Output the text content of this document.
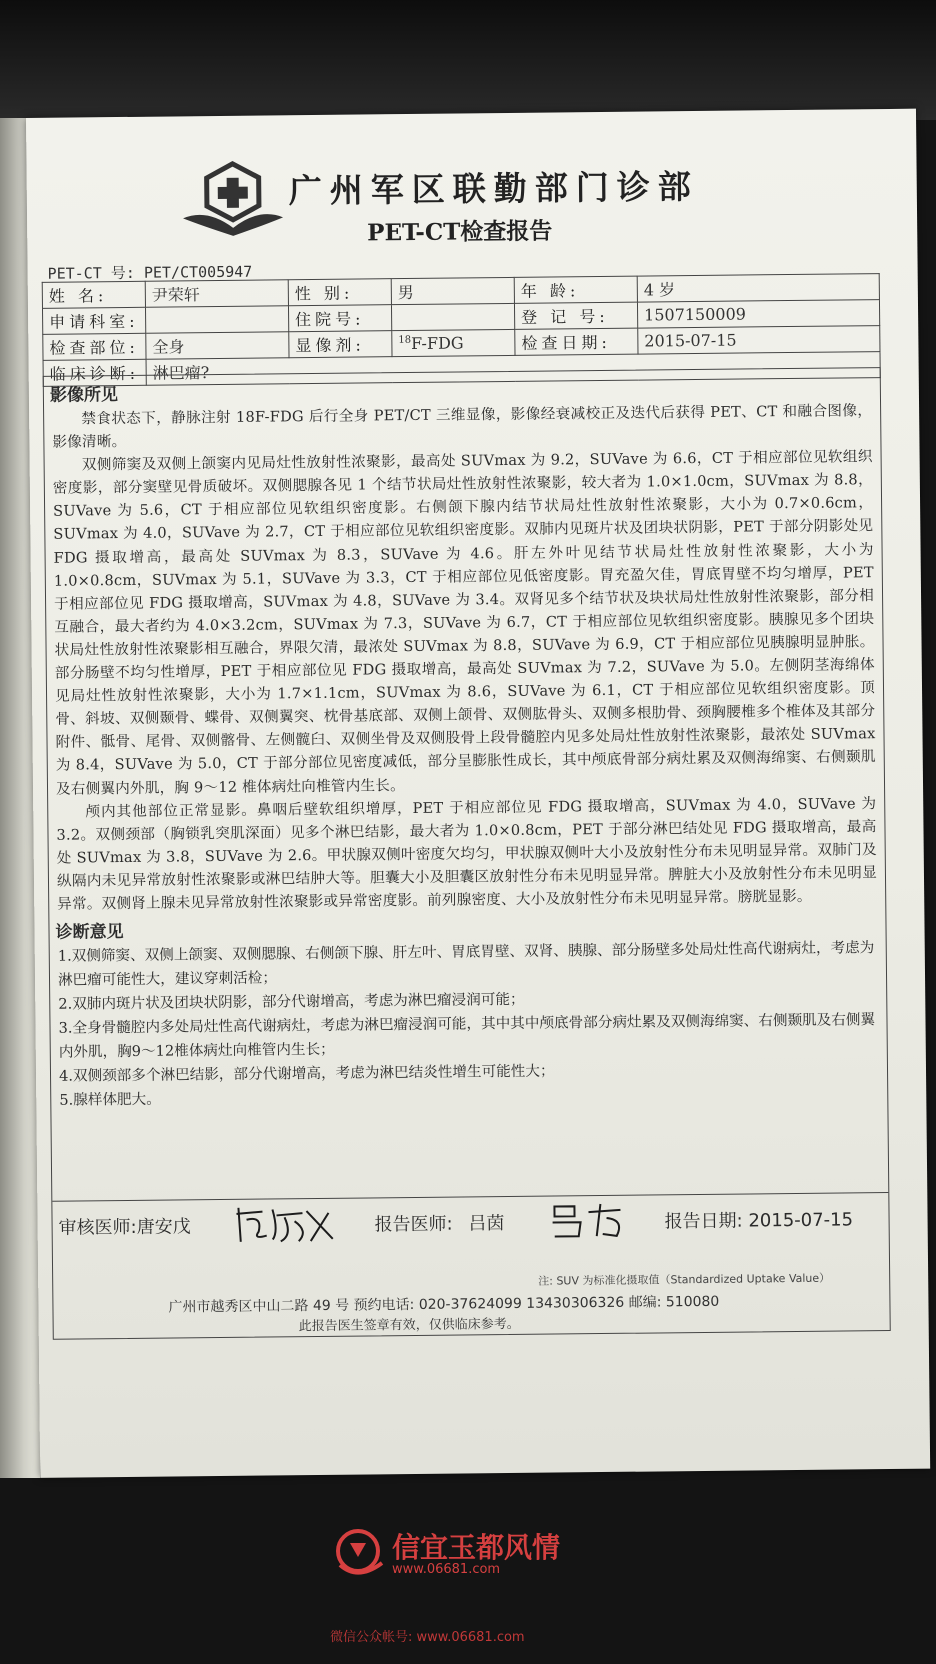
广州军区联勤部门诊部
PET-CT检查报告
PET-CT 号: PET/CT005947
姓 名:	尹荣轩	性 别:	男	年 龄:	4 岁
申请科室:		住院号:		登 记 号:	1507150009
检查部位:	全身	显像剂:	$^{18}$F-FDG	检查日期:	2015-07-15
临床诊断:	淋巴瘤?				
影像所见

禁食状态下，静脉注射 18F-FDG 后行全身 PET/CT 三维显像，影像经衰减校正及迭代后获得 PET、CT 和融合图像，影像清晰。

双侧筛窦及双侧上颌窦内见局灶性放射性浓聚影，最高处 SUVmax 为 9.2，SUVave 为 6.6，CT 于相应部位见软组织密度影，部分窦壁见骨质破坏。双侧腮腺各见 1 个结节状局灶性放射性浓聚影，较大者为 1.0×1.0cm，SUVmax 为 8.8，SUVave 为 5.6，CT 于相应部位见软组织密度影。右侧颌下腺内结节状局灶性放射性浓聚影，大小为 0.7×0.6cm，SUVmax 为 4.0，SUVave 为 2.7，CT 于相应部位见软组织密度影。双肺内见斑片状及团块状阴影，PET 于部分阴影处见 FDG 摄取增高，最高处 SUVmax 为 8.3，SUVave 为 4.6。肝左外叶见结节状局灶性放射性浓聚影，大小为 1.0×0.8cm，SUVmax 为 5.1，SUVave 为 3.3，CT 于相应部位见低密度影。胃充盈欠佳，胃底胃壁不均匀增厚，PET 于相应部位见 FDG 摄取增高，SUVmax 为 4.8，SUVave 为 3.4。双肾见多个结节状及块状局灶性放射性浓聚影，部分相互融合，最大者约为 4.0×3.2cm，SUVmax 为 7.3，SUVave 为 6.7，CT 于相应部位见软组织密度影。胰腺见多个团块状局灶性放射性浓聚影相互融合，界限欠清，最浓处 SUVmax 为 8.8，SUVave 为 6.9，CT 于相应部位见胰腺明显肿胀。部分肠壁不均匀性增厚，PET 于相应部位见 FDG 摄取增高，最高处 SUVmax 为 7.2，SUVave 为 5.0。左侧阴茎海绵体见局灶性放射性浓聚影，大小为 1.7×1.1cm，SUVmax 为 8.6，SUVave 为 6.1，CT 于相应部位见软组织密度影。顶骨、斜坡、双侧颞骨、蝶骨、双侧翼突、枕骨基底部、双侧上颌骨、双侧肱骨头、双侧多根肋骨、颈胸腰椎多个椎体及其部分附件、骶骨、尾骨、双侧髂骨、左侧髋臼、双侧坐骨及双侧股骨上段骨髓腔内见多处局灶性放射性浓聚影，最浓处 SUVmax 为 8.4，SUVave 为 5.0，CT 于部分部位见密度减低，部分呈膨胀性成长，其中颅底骨部分病灶累及双侧海绵窦、右侧颞肌及右侧翼内外肌，胸 9～12 椎体病灶向椎管内生长。

颅内其他部位正常显影。鼻咽后壁软组织增厚，PET 于相应部位见 FDG 摄取增高，SUVmax 为 4.0，SUVave 为 3.2。双侧颈部（胸锁乳突肌深面）见多个淋巴结影，最大者为 1.0×0.8cm，PET 于部分淋巴结处见 FDG 摄取增高，最高处 SUVmax 为 3.8，SUVave 为 2.6。甲状腺双侧叶密度欠均匀，甲状腺双侧叶大小及放射性分布未见明显异常。双肺门及纵隔内未见异常放射性浓聚影或淋巴结肿大等。胆囊大小及胆囊区放射性分布未见明显异常。脾脏大小及放射性分布未见明显异常。双侧肾上腺未见异常放射性浓聚影或异常密度影。前列腺密度、大小及放射性分布未见明显异常。膀胱显影。

诊断意见
1.双侧筛窦、双侧上颌窦、双侧腮腺、右侧颌下腺、肝左叶、胃底胃壁、双肾、胰腺、部分肠壁多处局灶性高代谢病灶，考虑为淋巴瘤可能性大，建议穿刺活检；
2.双肺内斑片状及团块状阴影，部分代谢增高，考虑为淋巴瘤浸润可能；
3.全身骨髓腔内多处局灶性高代谢病灶，考虑为淋巴瘤浸润可能，其中其中颅底骨部分病灶累及双侧海绵窦、右侧颞肌及右侧翼内外肌，胸9～12椎体病灶向椎管内生长；
4.双侧颈部多个淋巴结影，部分代谢增高，考虑为淋巴结炎性增生可能性大；
5.腺样体肥大。
审核医师:唐安戊	报告医师: 吕茵	报告日期: 2015-07-15
注: SUV 为标准化摄取值（Standardized Uptake Value）
广州市越秀区中山二路 49 号 预约电话: 020-37624099 13430306326 邮编: 510080
此报告医生签章有效，仅供临床参考。
信宜玉都风情
www.06681.com
微信公众帐号: www.06681.com
